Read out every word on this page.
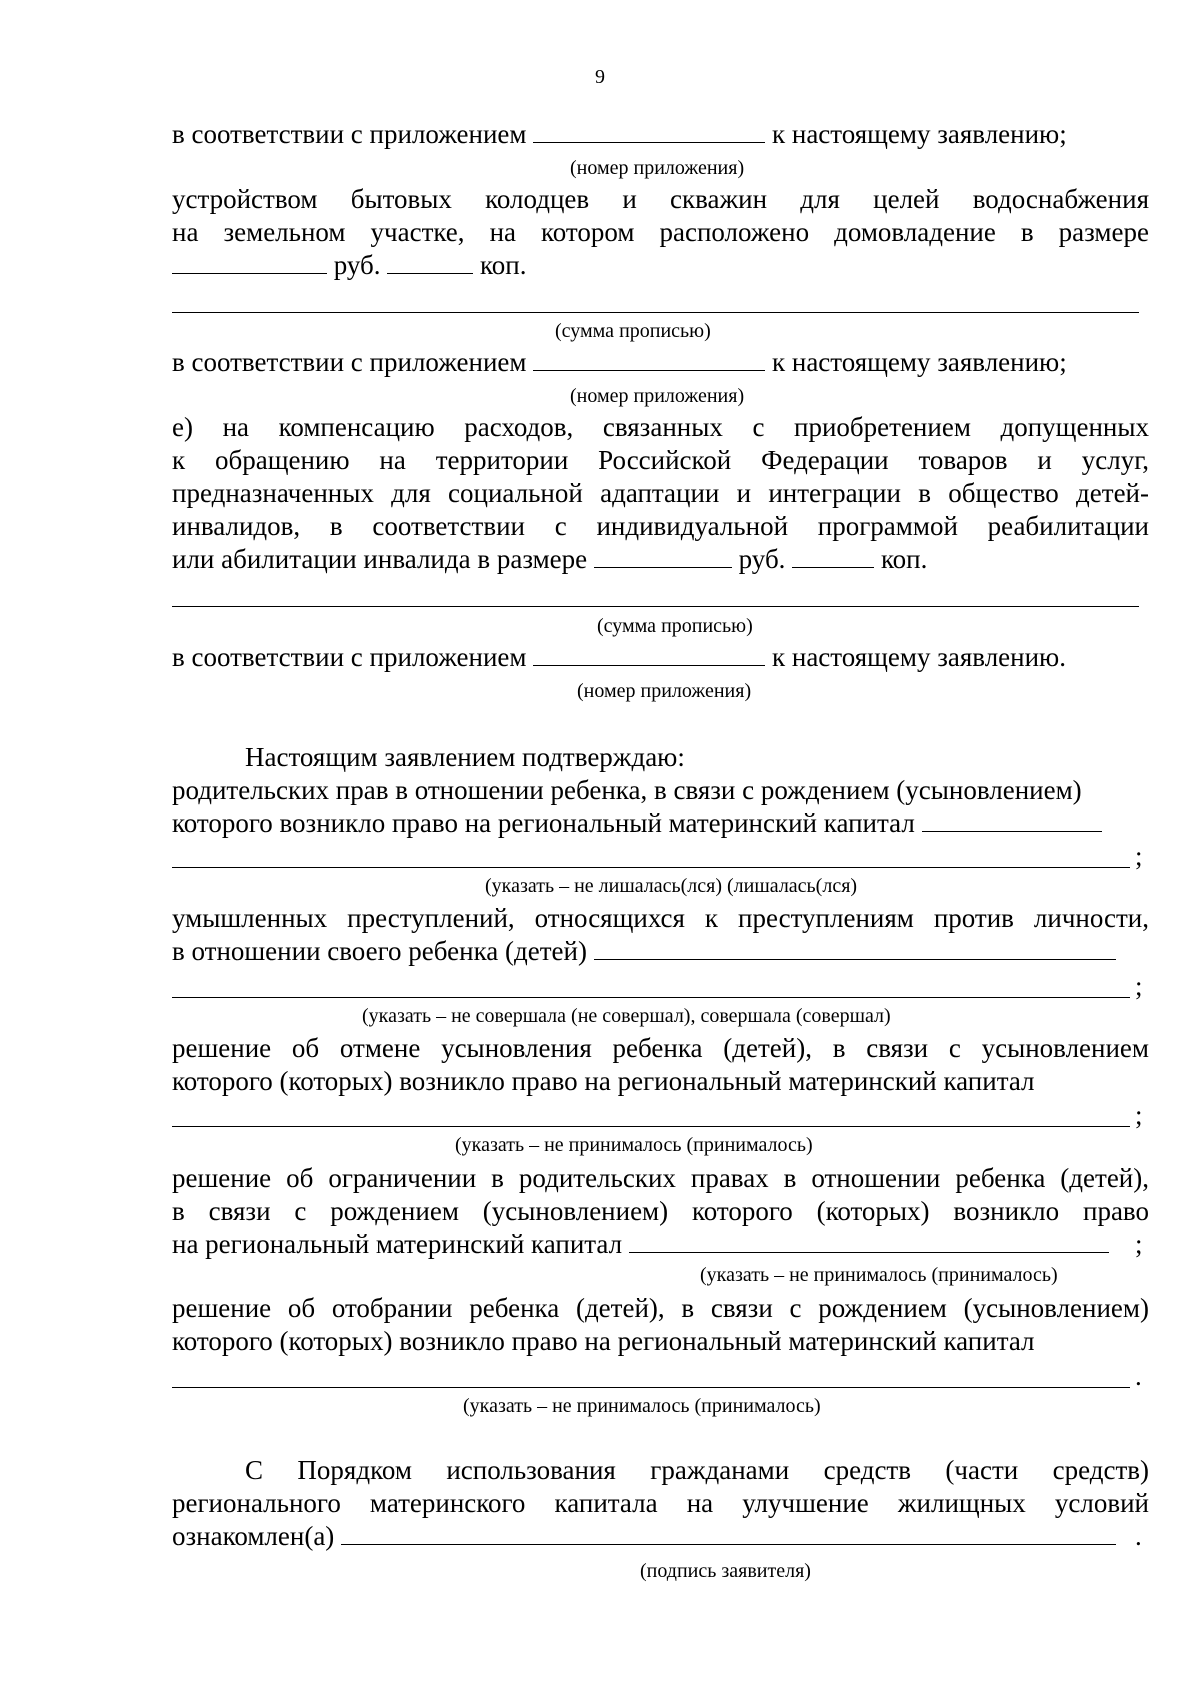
9
в соответствии с приложением	к настоящему заявлению;
(номер приложения)
устройством бытовых колодцев и скважин для целей водоснабжения
на земельном участке, на котором расположено домовладение в размере
руб.	коп.
(сумма прописью)
в соответствии с приложением	к настоящему заявлению;
(номер приложения)
е) на компенсацию расходов, связанных с приобретением допущенных
к обращению на территории Российской Федерации товаров и услуг,
предназначенных для социальной адаптации и интеграции в общество детей-
инвалидов, в соответствии с индивидуальной программой реабилитации
или абилитации инвалида в размере	руб.	коп.
(сумма прописью)
в соответствии с приложением	к настоящему заявлению.
(номер приложения)
Настоящим заявлением подтверждаю:
родительских прав в отношении ребенка, в связи с рождением (усыновлением)
которого возникло право на региональный материнский капитал
;
(указать – не лишалась(лся) (лишалась(лся)
умышленных преступлений, относящихся к преступлениям против личности,
в отношении своего ребенка (детей)
;
(указать – не совершала (не совершал), совершала (совершал)
решение об отмене усыновления ребенка (детей), в связи с усыновлением
которого (которых) возникло право на региональный материнский капитал
;
(указать – не принималось (принималось)
решение об ограничении в родительских правах в отношении ребенка (детей),
в связи с рождением (усыновлением) которого (которых) возникло право
на региональный материнский капитал	;
(указать – не принималось (принималось)
решение об отобрании ребенка (детей), в связи с рождением (усыновлением)
которого (которых) возникло право на региональный материнский капитал
.
(указать – не принималось (принималось)
С Порядком использования гражданами средств (части средств)
регионального материнского капитала на улучшение жилищных условий
ознакомлен(а)	.
(подпись заявителя)
